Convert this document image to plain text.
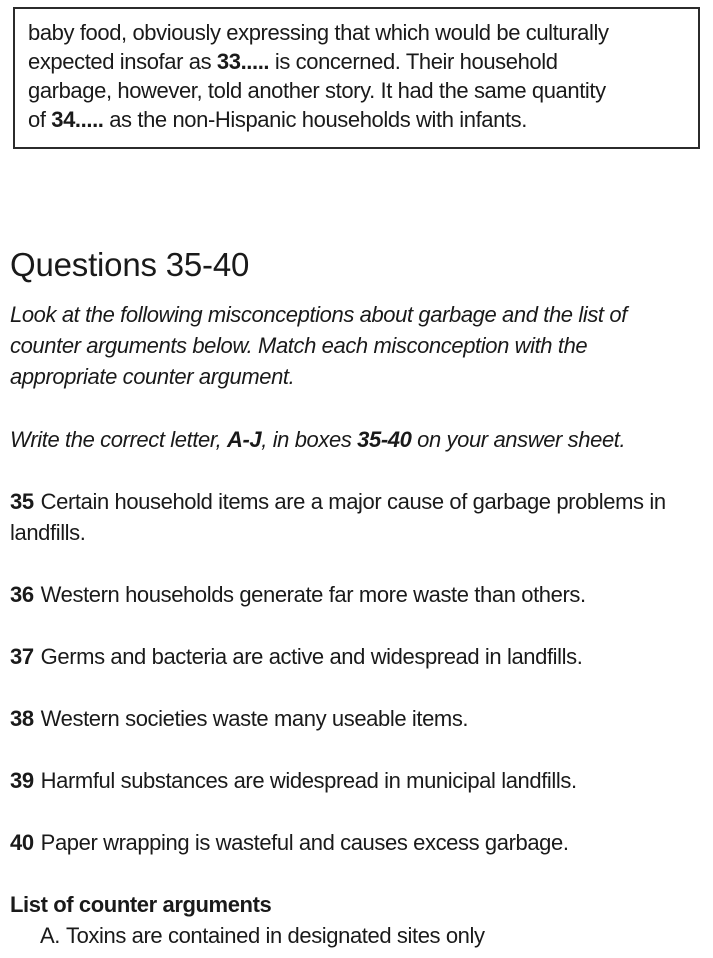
baby food, obviously expressing that which would be culturally
expected insofar as 33..... is concerned. Their household
garbage, however, told another story. It had the same quantity
of 34..... as the non-Hispanic households with infants.
Questions 35-40

Look at the following misconceptions about garbage and the list of
counter arguments below. Match each misconception with the
appropriate counter argument.

Write the correct letter, A-J, in boxes 35-40 on your answer sheet.

35 Certain household items are a major cause of garbage problems in landfills.

36 Western households generate far more waste than others.

37 Germs and bacteria are active and widespread in landfills.

38 Western societies waste many useable items.

39 Harmful substances are widespread in municipal landfills.

40 Paper wrapping is wasteful and causes excess garbage.

List of counter arguments

A. Toxins are contained in designated sites only
